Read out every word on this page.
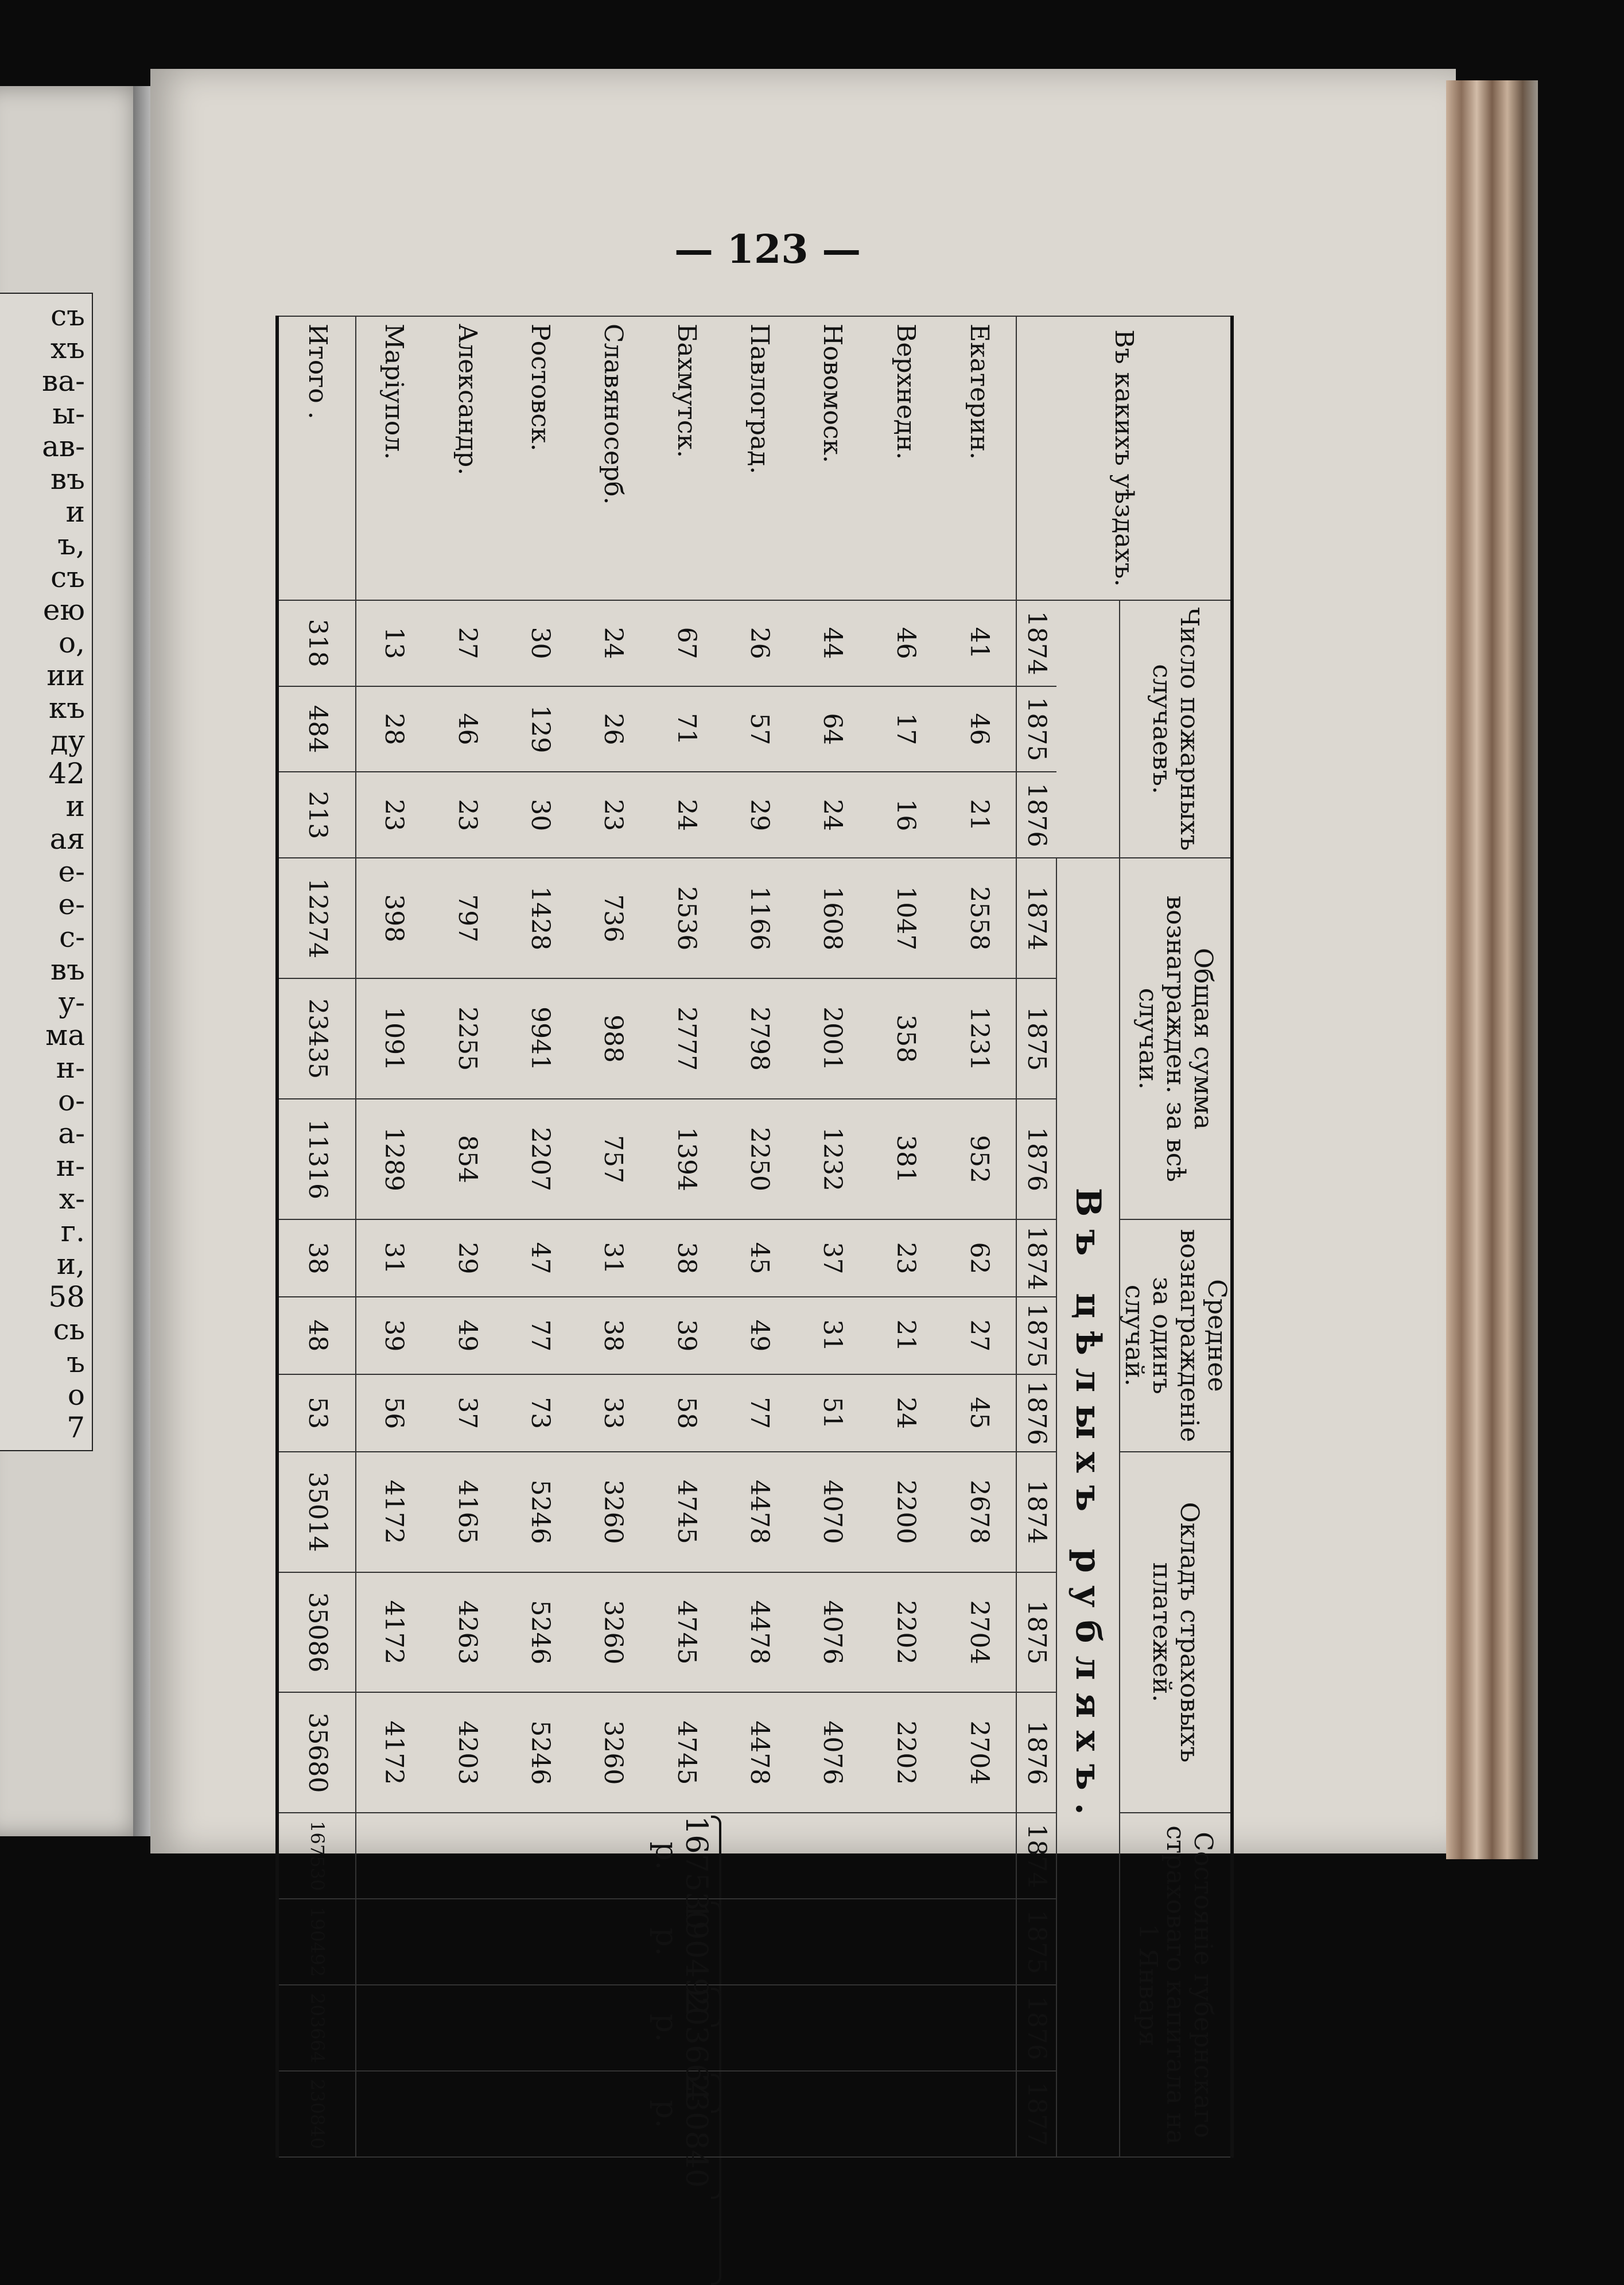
съ
хъ
ва-
ы-
ав-
въ
и
ъ,
съ
ею
о,
ии
къ
ду
42
и
ая
е-
е-
с-
въ
у-
ма
н-
о-
а-
н-
х-
г.
и,
58
сь
ъ
о
7
— 123 —
Въ какихъ уѣздахъ.	Число пожарныхъ случаевъ.			Общая сумма вознагражден. за всѣ случаи.			Среднее вознагражденіе за одинъ случай.			Окладъ страховыхъ платежей.			Состояніе губернскаго страховаго капитала на 1 Января			
				Въ цѣлыхъ рубляхъ.												
	1874	1875	1876	1874	1875	1876	1874	1875	1876	1874	1875	1876	1874	1875	1876	1877
Екатерин.	41	46	21	2558	1231	952	62	27	45	2678	2704	2704	167530 р.	190492 р.	203664 р.	230840 р.

Верхнедн.	46	17	16	1047	358	381	23	21	24	2200	2202	2202				
Новомоск.	44	64	24	1608	2001	1232	37	31	51	4070	4076	4076				
Павлоград.	26	57	29	1166	2798	2250	45	49	77	4478	4478	4478				
Бахмутск.	67	71	24	2536	2777	1394	38	39	58	4745	4745	4745				
Славяносерб.	24	26	23	736	988	757	31	38	33	3260	3260	3260				
Ростовск.	30	129	30	1428	9941	2207	47	77	73	5246	5246	5246				
Александр.	27	46	23	797	2255	854	29	49	37	4165	4263	4203				
Маріупол.	13	28	23	398	1091	1289	31	39	56	4172	4172	4172				
Итого .	318	484	213	12274	23435	11316	38	48	53	35014	35086	35680	167530	190492	203664	230840
